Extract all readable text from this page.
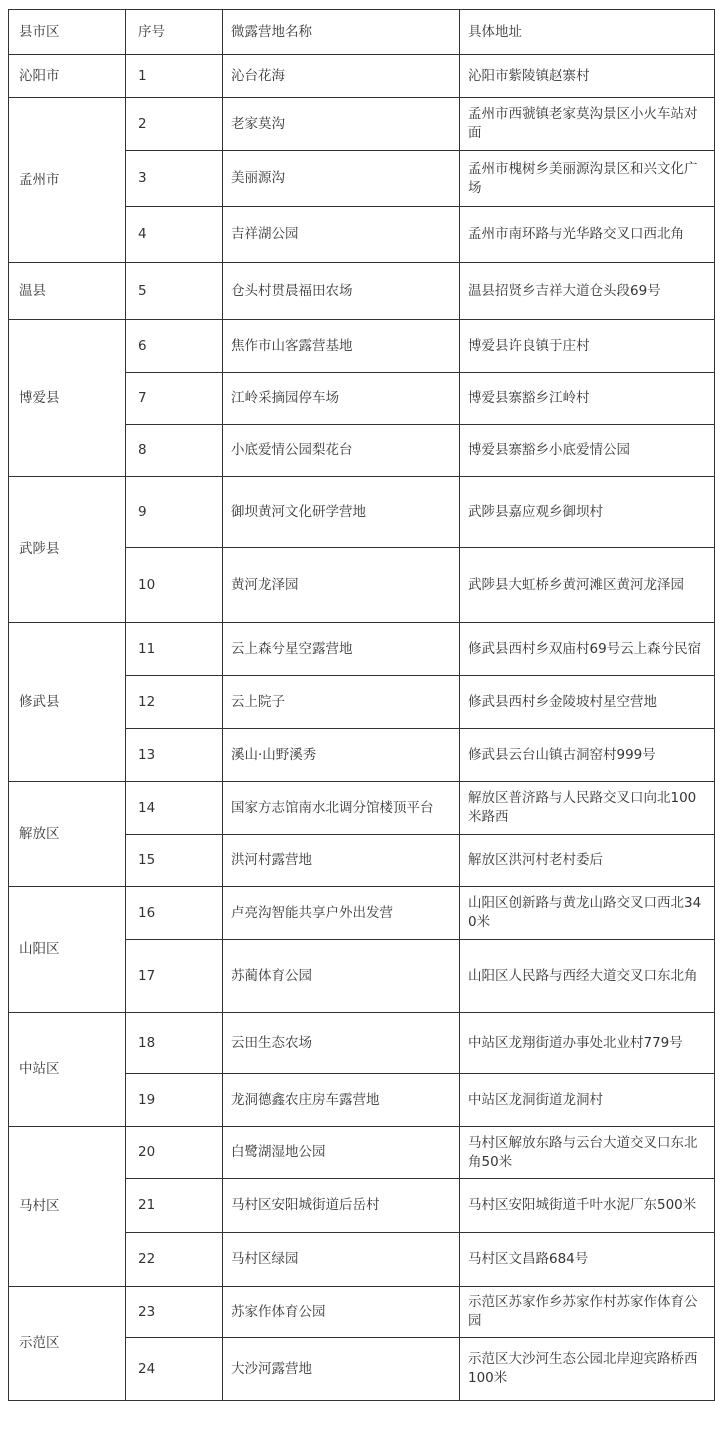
县市区	序号	微露营地名称	具体地址
沁阳市	1	沁台花海	沁阳市紫陵镇赵寨村
孟州市	2	老家莫沟	孟州市西虢镇老家莫沟景区小火车站对面
	3	美丽源沟	孟州市槐树乡美丽源沟景区和兴文化广场
	4	吉祥湖公园	孟州市南环路与光华路交叉口西北角
温县	5	仓头村贯晨福田农场	温县招贤乡吉祥大道仓头段69号
博爱县	6	焦作市山客露营基地	博爱县许良镇于庄村
	7	江岭采摘园停车场	博爱县寨豁乡江岭村
	8	小底爱情公园梨花台	博爱县寨豁乡小底爱情公园
武陟县	9	御坝黄河文化研学营地	武陟县嘉应观乡御坝村
	10	黄河龙泽园	武陟县大虹桥乡黄河滩区黄河龙泽园
修武县	11	云上森兮星空露营地	修武县西村乡双庙村69号云上森兮民宿
	12	云上院子	修武县西村乡金陵坡村星空营地
	13	溪山·山野溪秀	修武县云台山镇古洞窑村999号
解放区	14	国家方志馆南水北调分馆楼顶平台	解放区普济路与人民路交叉口向北100米路西
	15	洪河村露营地	解放区洪河村老村委后
山阳区	16	卢亮沟智能共享户外出发营	山阳区创新路与黄龙山路交叉口西北340米
	17	苏蔺体育公园	山阳区人民路与西经大道交叉口东北角
中站区	18	云田生态农场	中站区龙翔街道办事处北业村779号
	19	龙洞德鑫农庄房车露营地	中站区龙洞街道龙洞村
马村区	20	白鹭湖湿地公园	马村区解放东路与云台大道交叉口东北角50米
	21	马村区安阳城街道后岳村	马村区安阳城街道千叶水泥厂东500米
	22	马村区绿园	马村区文昌路684号
示范区	23	苏家作体育公园	示范区苏家作乡苏家作村苏家作体育公园
	24	大沙河露营地	示范区大沙河生态公园北岸迎宾路桥西100米
